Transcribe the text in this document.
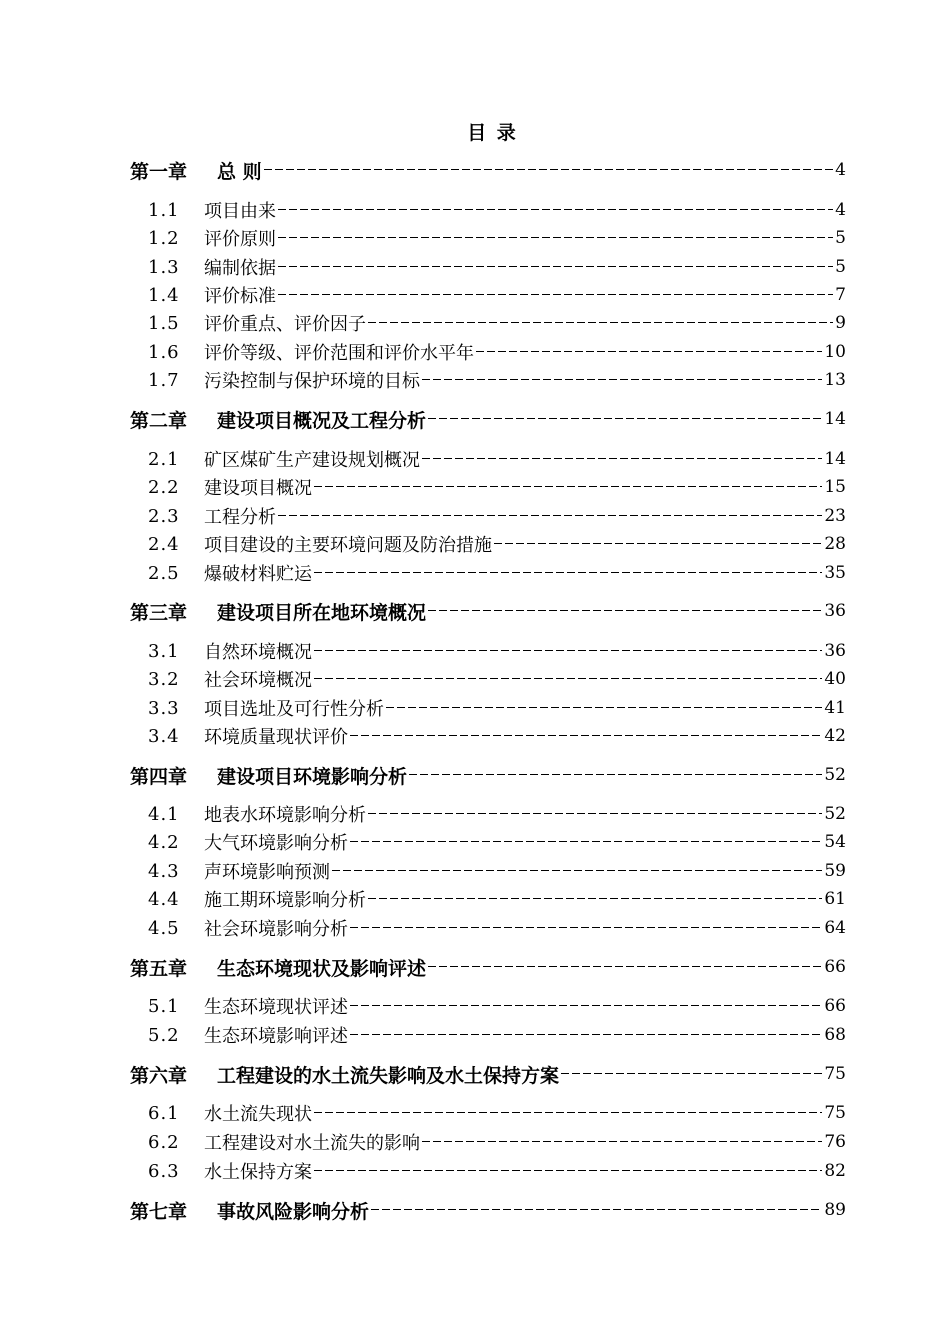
目 录
第一章	总 则	4
1.1	项目由来	4
1.2	评价原则	5
1.3	编制依据	5
1.4	评价标准	7
1.5	评价重点、评价因子	9
1.6	评价等级、评价范围和评价水平年	10
1.7	污染控制与保护环境的目标	13
第二章	建设项目概况及工程分析	14
2.1	矿区煤矿生产建设规划概况	14
2.2	建设项目概况	15
2.3	工程分析	23
2.4	项目建设的主要环境问题及防治措施	28
2.5	爆破材料贮运	35
第三章	建设项目所在地环境概况	36
3.1	自然环境概况	36
3.2	社会环境概况	40
3.3	项目选址及可行性分析	41
3.4	环境质量现状评价	42
第四章	建设项目环境影响分析	52
4.1	地表水环境影响分析	52
4.2	大气环境影响分析	54
4.3	声环境影响预测	59
4.4	施工期环境影响分析	61
4.5	社会环境影响分析	64
第五章	生态环境现状及影响评述	66
5.1	生态环境现状评述	66
5.2	生态环境影响评述	68
第六章	工程建设的水土流失影响及水土保持方案	75
6.1	水土流失现状	75
6.2	工程建设对水土流失的影响	76
6.3	水土保持方案	82
第七章	事故风险影响分析	89
